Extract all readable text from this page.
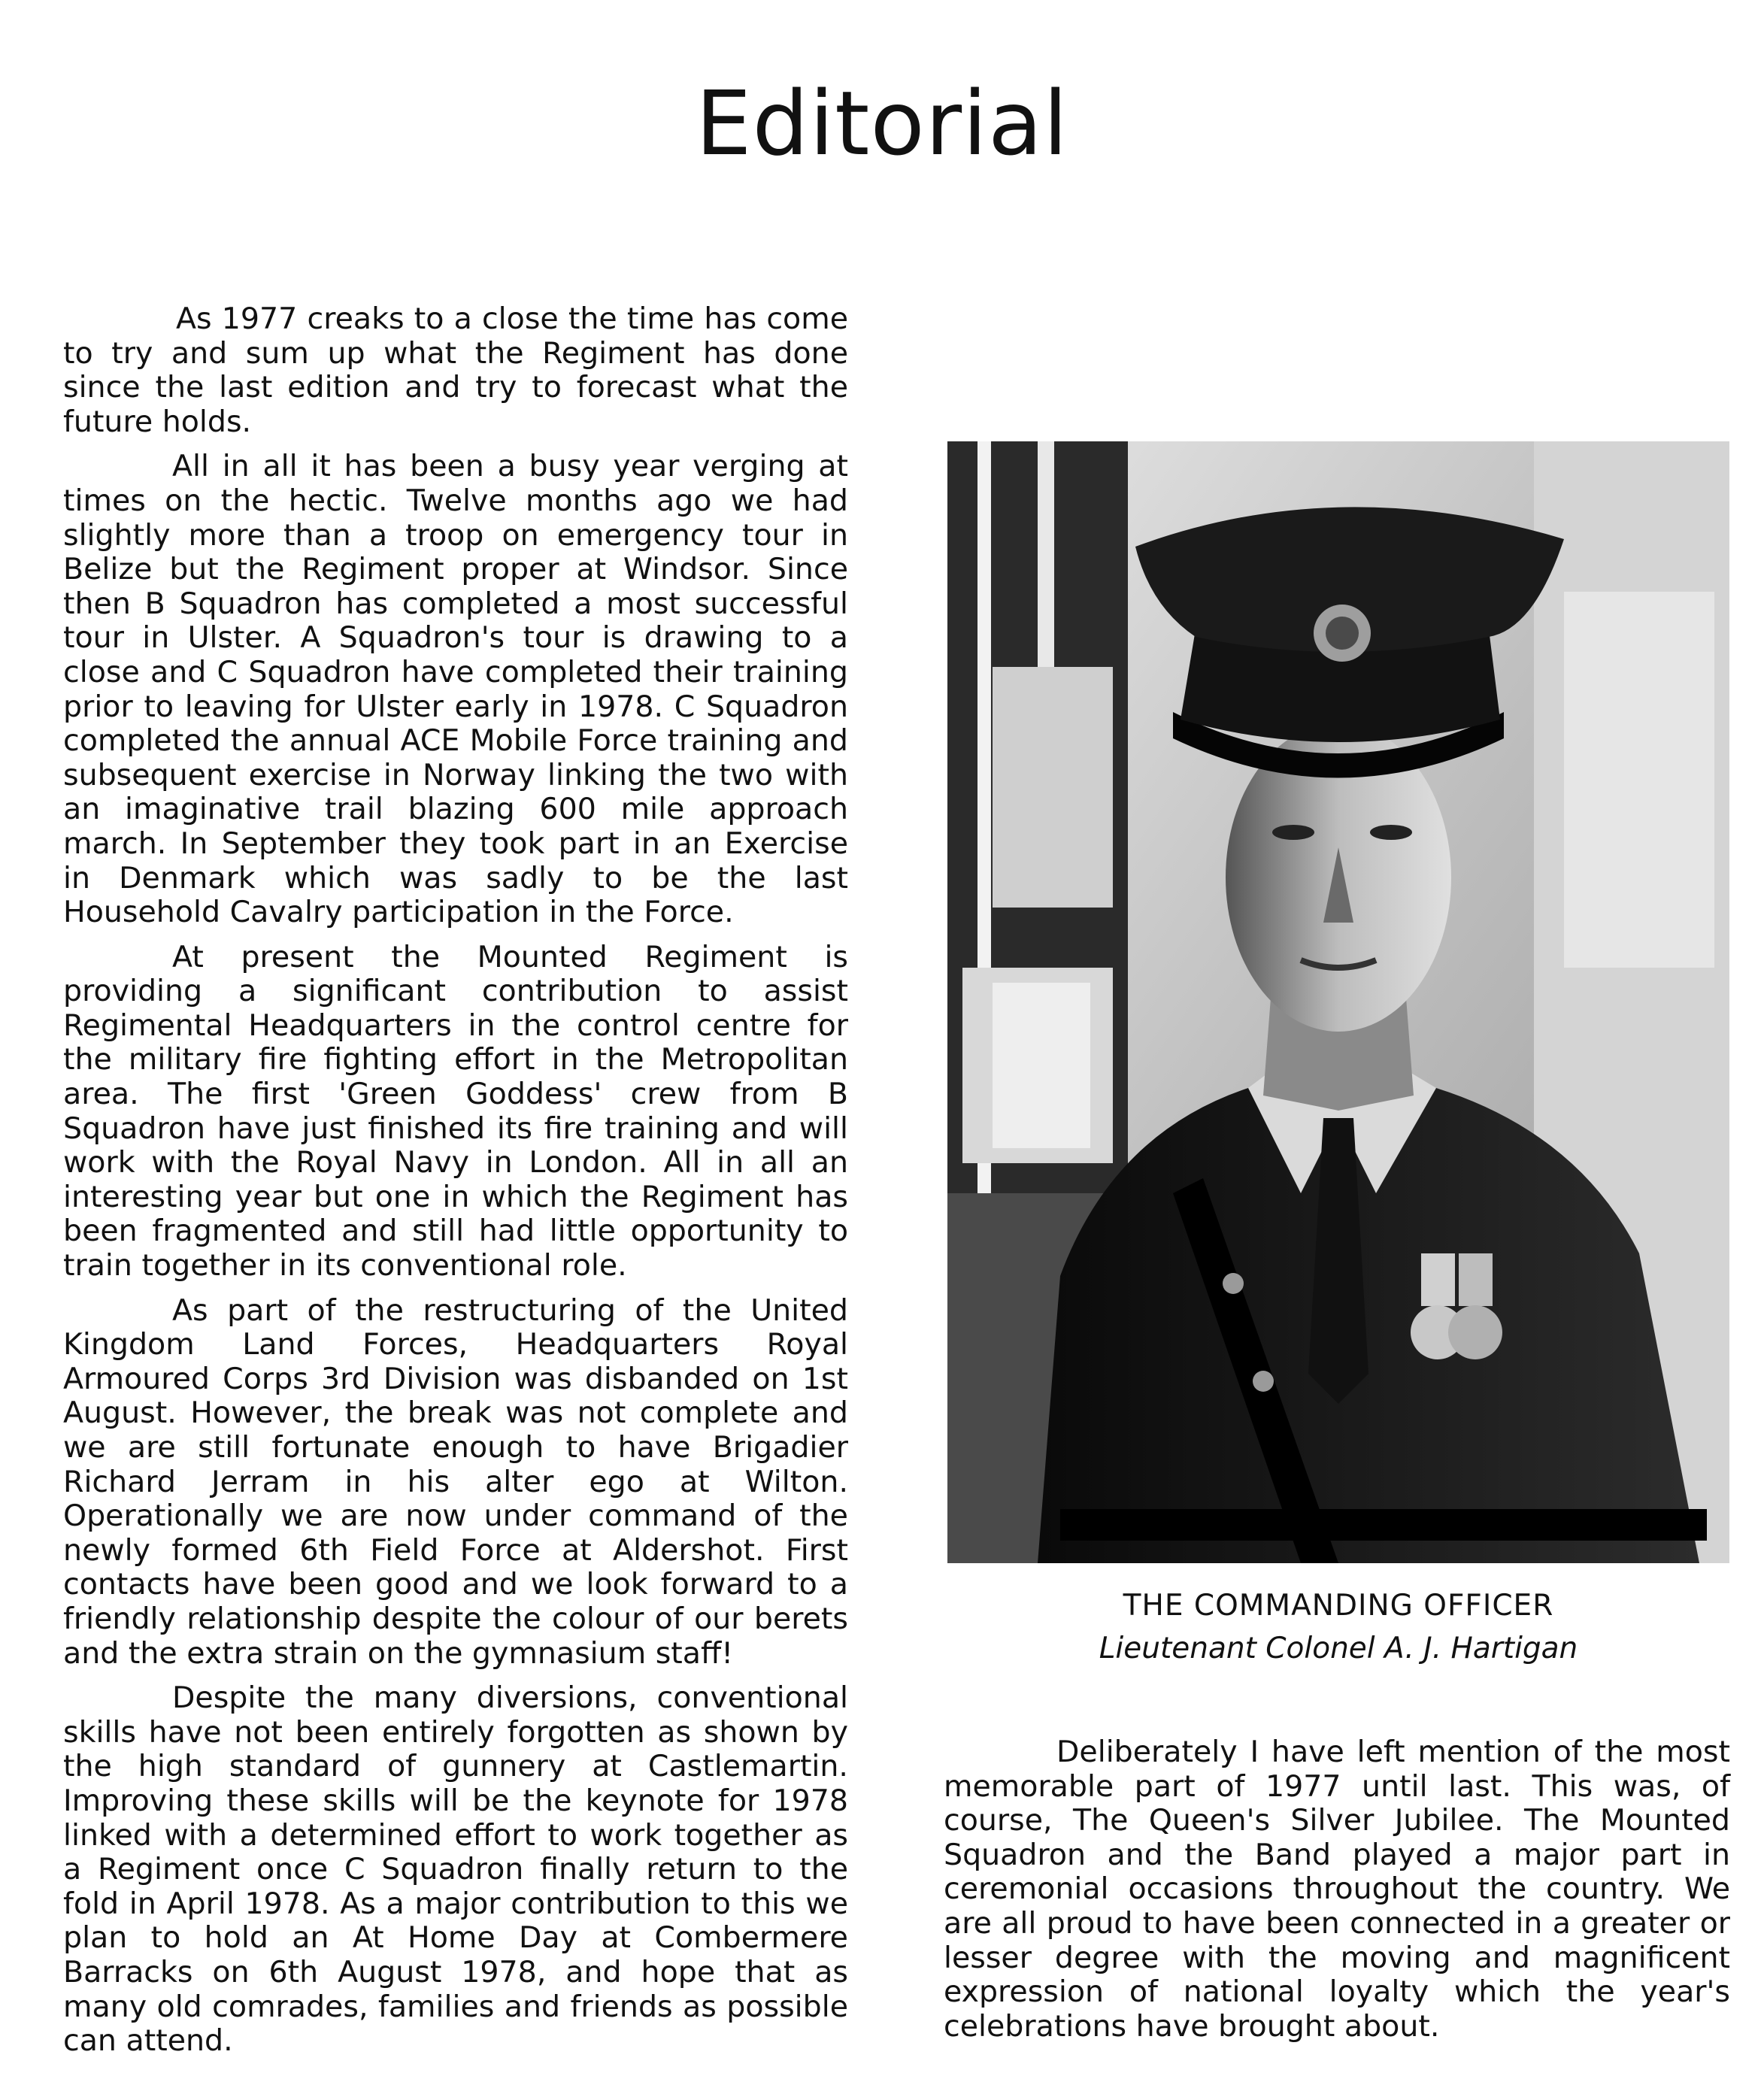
Editorial

As 1977 creaks to a close the time has come to try and sum up what the Regiment has done since the last edition and try to forecast what the future holds.

All in all it has been a busy year verging at times on the hectic. Twelve months ago we had slightly more than a troop on emergency tour in Belize but the Regiment proper at Windsor. Since then B Squadron has completed a most successful tour in Ulster. A Squadron's tour is drawing to a close and C Squadron have completed their training prior to leaving for Ulster early in 1978. C Squadron completed the annual ACE Mobile Force training and subsequent exercise in Norway linking the two with an imaginative trail blazing 600 mile approach march. In September they took part in an Exercise in Denmark which was sadly to be the last Household Cavalry participation in the Force.

At present the Mounted Regiment is providing a significant contribution to assist Regimental Headquarters in the control centre for the military fire fighting effort in the Metropolitan area. The first 'Green Goddess' crew from B Squadron have just finished its fire training and will work with the Royal Navy in London. All in all an interesting year but one in which the Regiment has been fragmented and still had little opportunity to train together in its conventional role.

As part of the restructuring of the United Kingdom Land Forces, Headquarters Royal Armoured Corps 3rd Division was disbanded on 1st August. However, the break was not complete and we are still fortunate enough to have Brigadier Richard Jerram in his alter ego at Wilton. Operationally we are now under command of the newly formed 6th Field Force at Aldershot. First contacts have been good and we look forward to a friendly relationship despite the colour of our berets and the extra strain on the gymnasium staff!

Despite the many diversions, conventional skills have not been entirely forgotten as shown by the high standard of gunnery at Castlemartin. Improving these skills will be the keynote for 1978 linked with a determined effort to work together as a Regiment once C Squadron finally return to the fold in April 1978. As a major contribution to this we plan to hold an At Home Day at Combermere Barracks on 6th August 1978, and hope that as many old comrades, families and friends as possible can attend.

THE COMMANDING OFFICER

Lieutenant Colonel A. J. Hartigan

Deliberately I have left mention of the most memorable part of 1977 until last. This was, of course, The Queen's Silver Jubilee. The Mounted Squadron and the Band played a major part in ceremonial occasions throughout the country. We are all proud to have been connected in a greater or lesser degree with the moving and magnificent expression of national loyalty which the year's celebrations have brought about.
